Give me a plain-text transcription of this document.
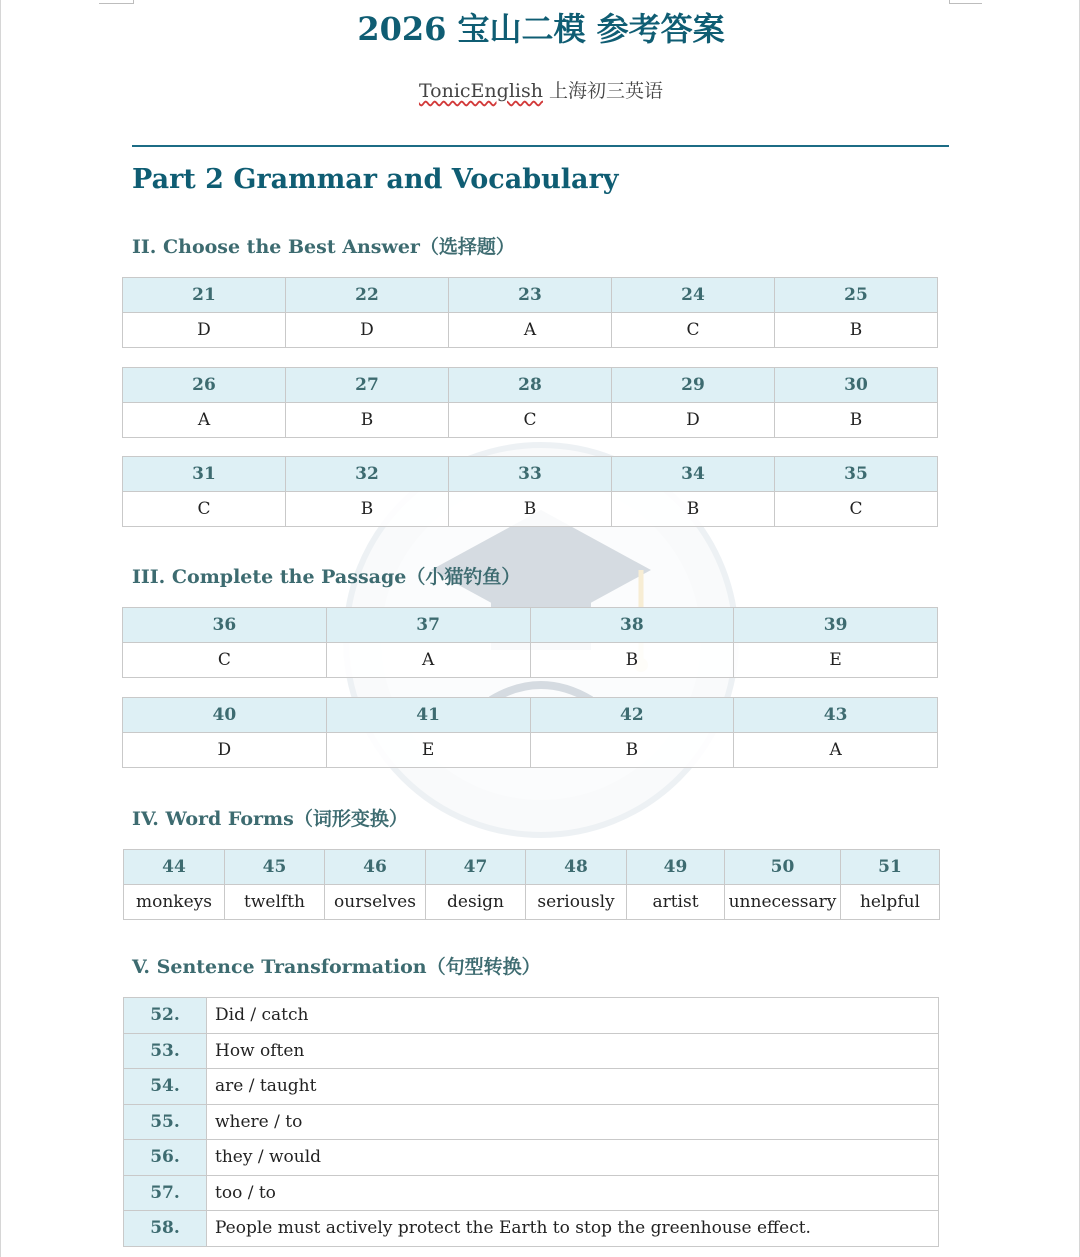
2026 宝山二模 参考答案
TonicEnglish 上海初三英语
Part 2 Grammar and Vocabulary
II. Choose the Best Answer（选择题）
21	22	23	24	25
D	D	A	C	B
26	27	28	29	30
A	B	C	D	B
31	32	33	34	35
C	B	B	B	C
III. Complete the Passage（小猫钓鱼）
36	37	38	39
C	A	B	E
40	41	42	43
D	E	B	A
IV. Word Forms（词形变换）
44	45	46	47	48	49	50	51
monkeys	twelfth	ourselves	design	seriously	artist	unnecessary	helpful
V. Sentence Transformation（句型转换）
52.	Did / catch
53.	How often
54.	are / taught
55.	where / to
56.	they / would
57.	too / to
58.	People must actively protect the Earth to stop the greenhouse effect.
